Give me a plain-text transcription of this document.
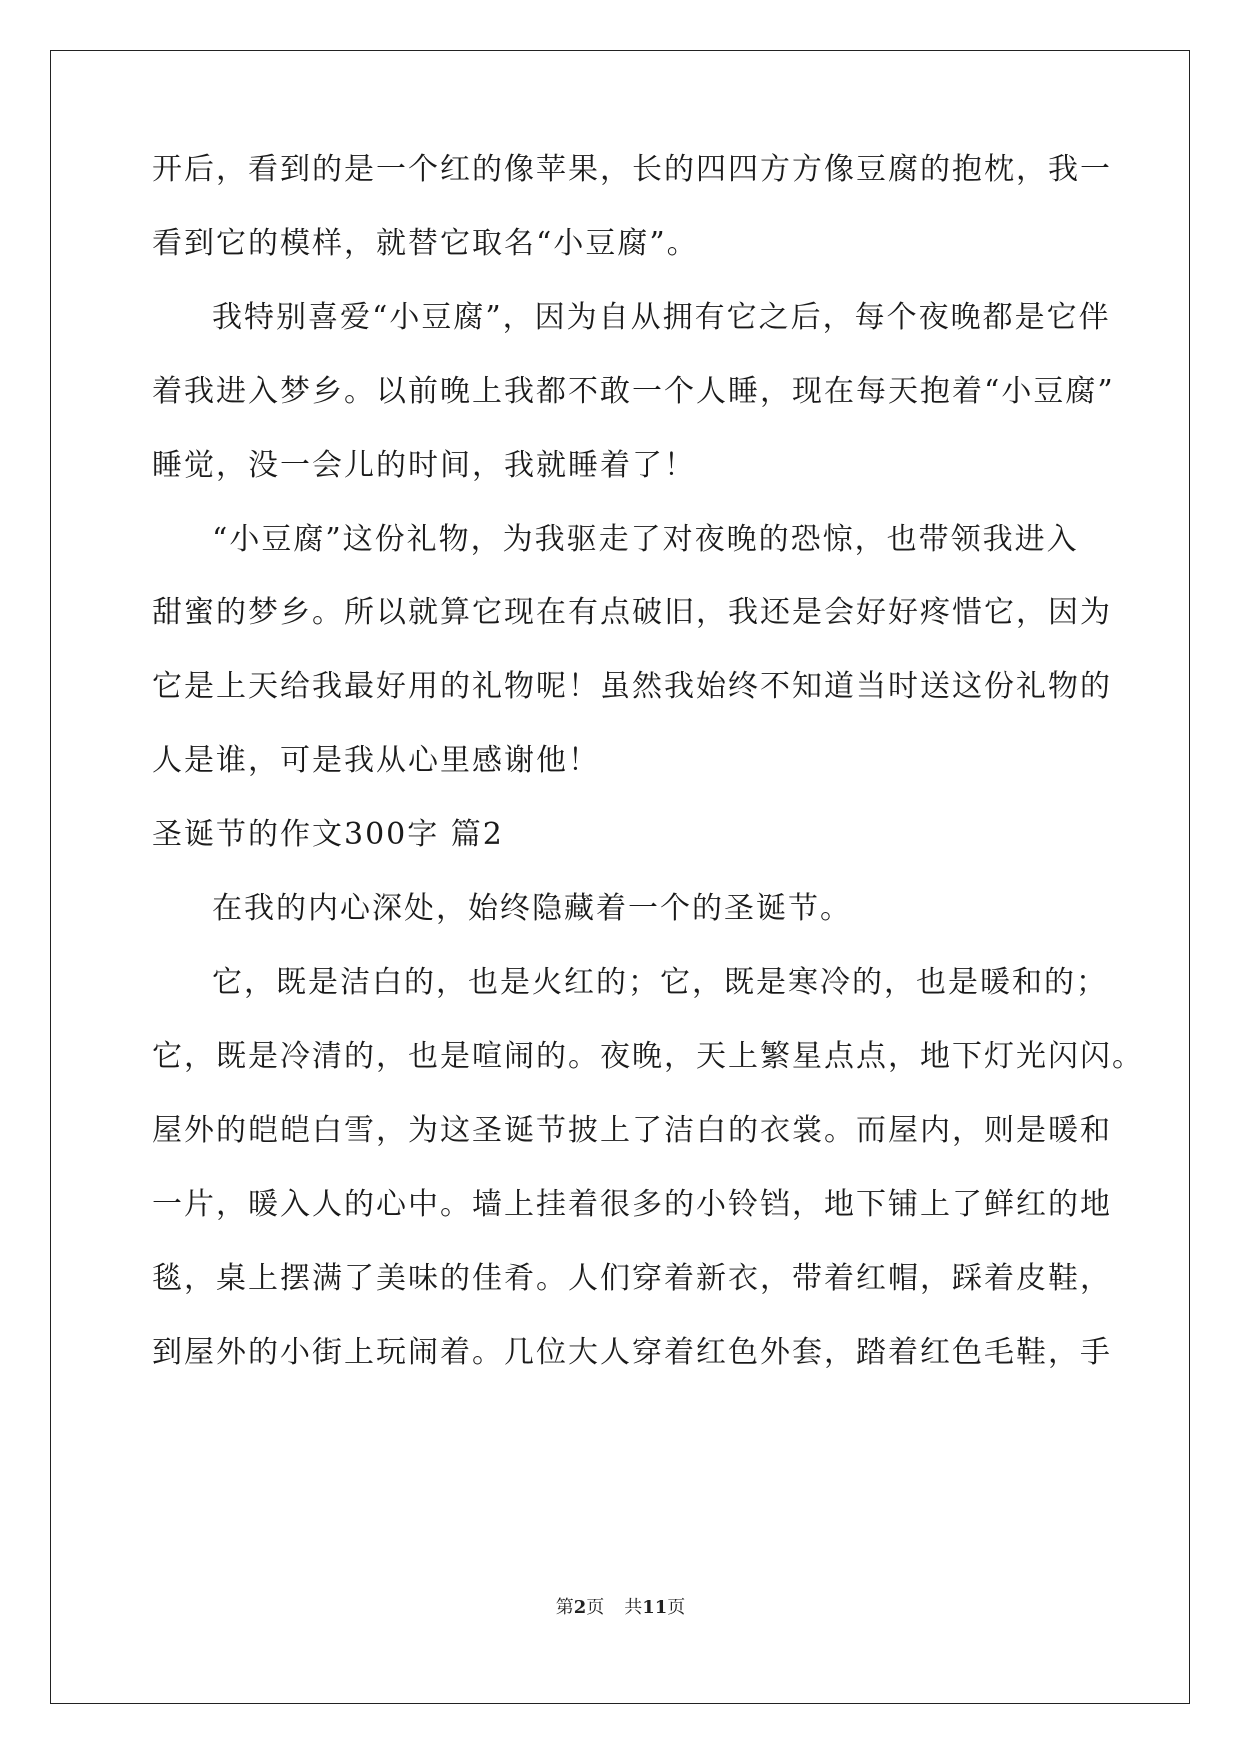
开后，看到的是一个红的像苹果，长的四四方方像豆腐的抱枕，我一
看到它的模样，就替它取名“小豆腐”。
我特别喜爱“小豆腐”，因为自从拥有它之后，每个夜晚都是它伴
着我进入梦乡。以前晚上我都不敢一个人睡，现在每天抱着“小豆腐”
睡觉，没一会儿的时间，我就睡着了！
“小豆腐”这份礼物，为我驱走了对夜晚的恐惊，也带领我进入
甜蜜的梦乡。所以就算它现在有点破旧，我还是会好好疼惜它，因为
它是上天给我最好用的礼物呢！虽然我始终不知道当时送这份礼物的
人是谁，可是我从心里感谢他！
圣诞节的作文300字 篇2
在我的内心深处，始终隐藏着一个的圣诞节。
它，既是洁白的，也是火红的；它，既是寒冷的，也是暖和的；
它，既是冷清的，也是喧闹的。夜晚，天上繁星点点，地下灯光闪闪。
屋外的皑皑白雪，为这圣诞节披上了洁白的衣裳。而屋内，则是暖和
一片，暖入人的心中。墙上挂着很多的小铃铛，地下铺上了鲜红的地
毯，桌上摆满了美味的佳肴。人们穿着新衣，带着红帽，踩着皮鞋，
到屋外的小街上玩闹着。几位大人穿着红色外套，踏着红色毛鞋，手
第2页 共11页
